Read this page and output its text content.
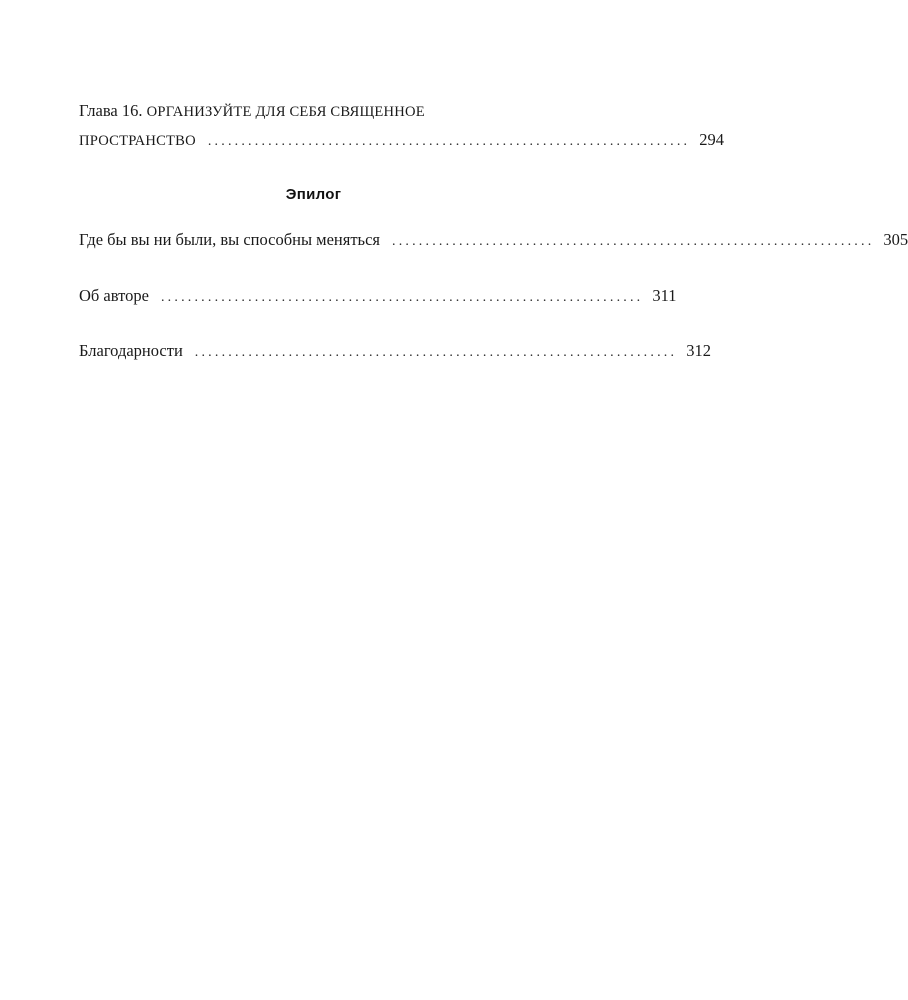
Глава 16. ОРГАНИЗУЙТЕ ДЛЯ СЕБЯ СВЯЩЕННОЕ
ПРОСТРАНСТВО ........................................................................ 294
Эпилог
Где бы вы ни были, вы способны меняться ........................................................................ 305
Об авторе ........................................................................ 311
Благодарности ........................................................................ 312
